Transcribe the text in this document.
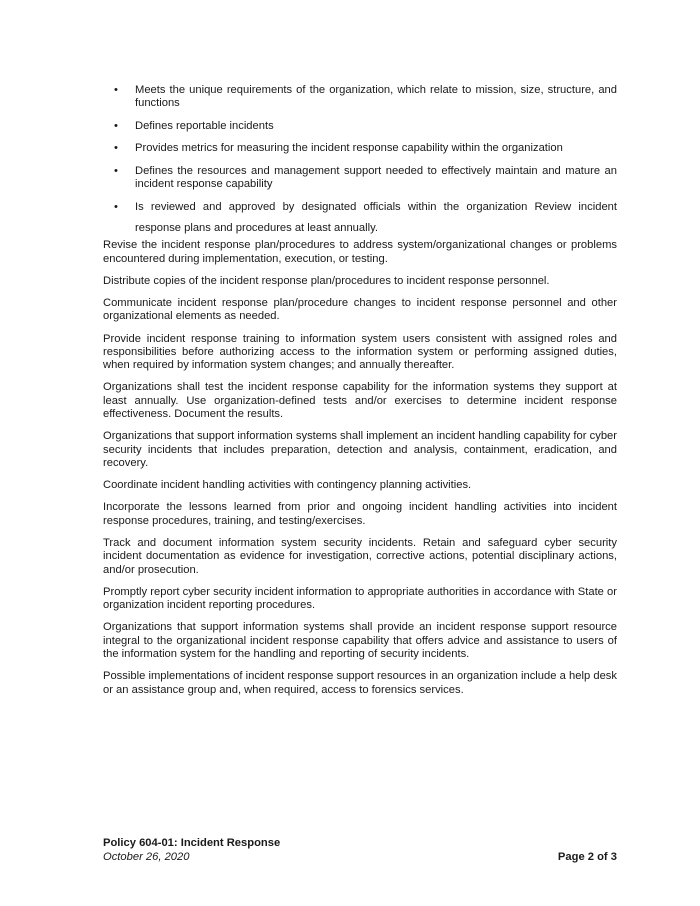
•	Meets the unique requirements of the organization, which relate to mission, size, structure, and functions
•	Defines reportable incidents
•	Provides metrics for measuring the incident response capability within the organization
•	Defines the resources and management support needed to effectively maintain and mature an incident response capability
•	Is reviewed and approved by designated officials within the organization Review incident response plans and procedures at least annually.

Revise the incident response plan/procedures to address system/organizational changes or problems encountered during implementation, execution, or testing.

Distribute copies of the incident response plan/procedures to incident response personnel.

Communicate incident response plan/procedure changes to incident response personnel and other organizational elements as needed.

Provide incident response training to information system users consistent with assigned roles and responsibilities before authorizing access to the information system or performing assigned duties, when required by information system changes; and annually thereafter.

Organizations shall test the incident response capability for the information systems they support at least annually. Use organization-defined tests and/or exercises to determine incident response effectiveness. Document the results.

Organizations that support information systems shall implement an incident handling capability for cyber security incidents that includes preparation, detection and analysis, containment, eradication, and recovery.

Coordinate incident handling activities with contingency planning activities.

Incorporate the lessons learned from prior and ongoing incident handling activities into incident response procedures, training, and testing/exercises.

Track and document information system security incidents. Retain and safeguard cyber security incident documentation as evidence for investigation, corrective actions, potential disciplinary actions, and/or prosecution.

Promptly report cyber security incident information to appropriate authorities in accordance with State or organization incident reporting procedures.

Organizations that support information systems shall provide an incident response support resource integral to the organizational incident response capability that offers advice and assistance to users of the information system for the handling and reporting of security incidents.

Possible implementations of incident response support resources in an organization include a help desk or an assistance group and, when required, access to forensics services.

Policy 604-01: Incident Response
October 26, 2020	Page 2 of 3
